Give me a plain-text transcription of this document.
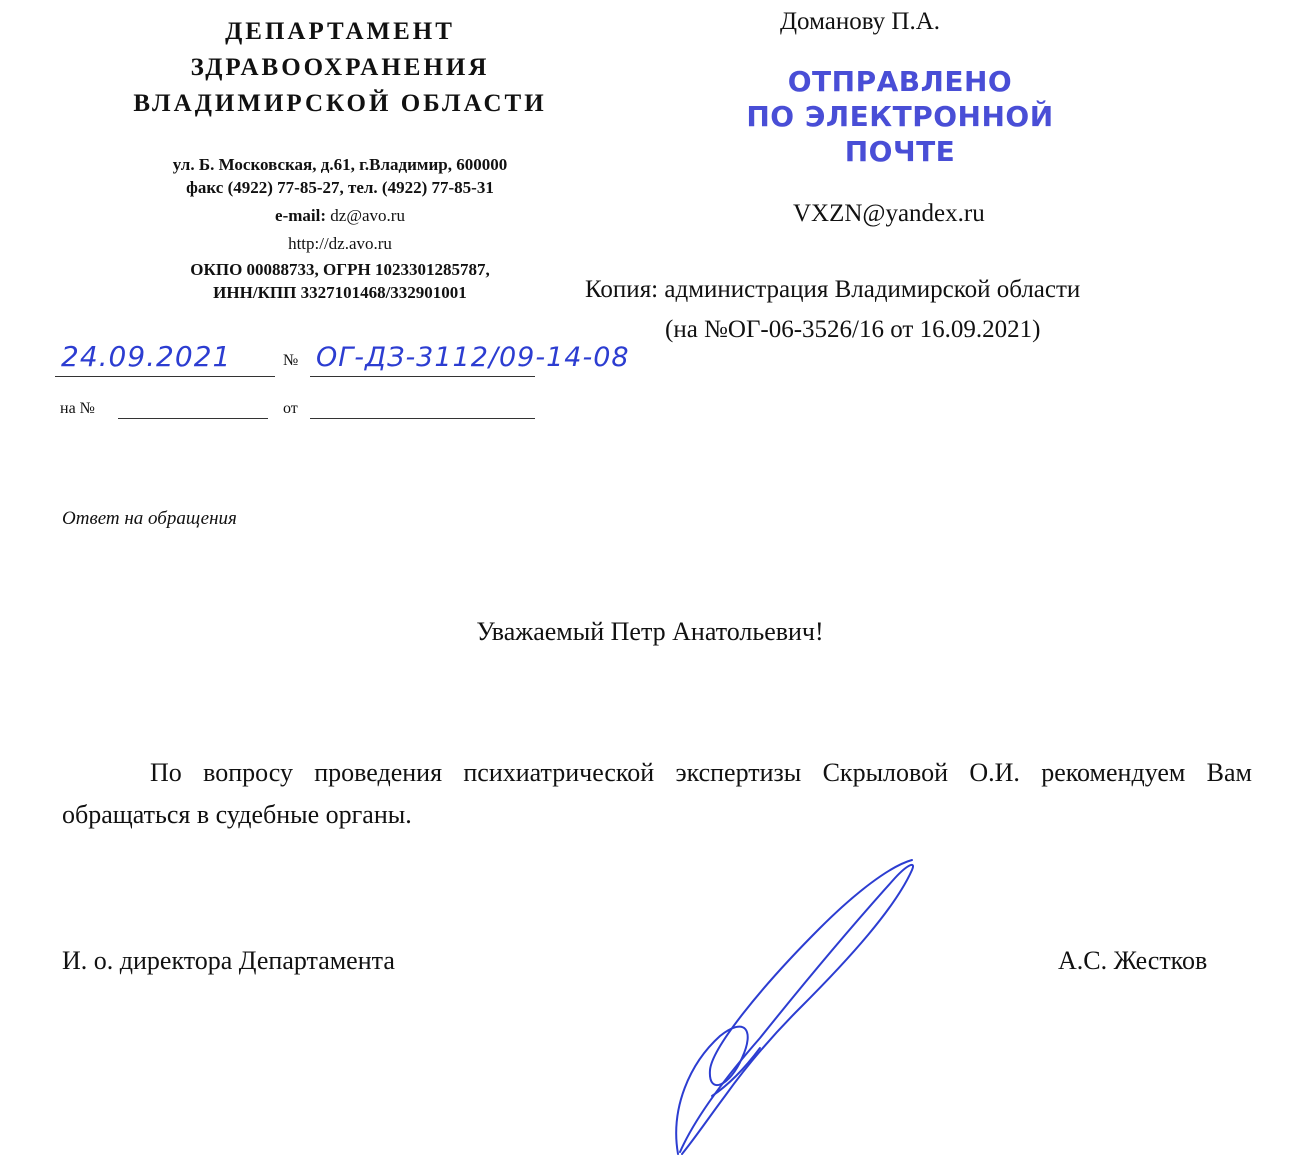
ДЕПАРТАМЕНТ
ЗДРАВООХРАНЕНИЯ
ВЛАДИМИРСКОЙ ОБЛАСТИ
ул. Б. Московская, д.61, г.Владимир, 600000
факс (4922) 77-85-27, тел. (4922) 77-85-31
e-mail: dz@avo.ru
http://dz.avo.ru
ОКПО 00088733, ОГРН 1023301285787,
ИНН/КПП 3327101468/332901001
24.09.2021	№ ОГ-ДЗ-3112/09-14-08
на №	от
Доманову П.А.
ОТПРАВЛЕНО
ПО ЭЛЕКТРОННОЙ
ПОЧТЕ
VXZN@yandex.ru
Копия: администрация Владимирской области
(на №ОГ-06-3526/16 от 16.09.2021)
Ответ на обращения
Уважаемый Петр Анатольевич!
По вопросу проведения психиатрической экспертизы Скрыловой О.И. рекомендуем Вам обращаться в судебные органы.
И. о. директора Департамента	А.С. Жестков
